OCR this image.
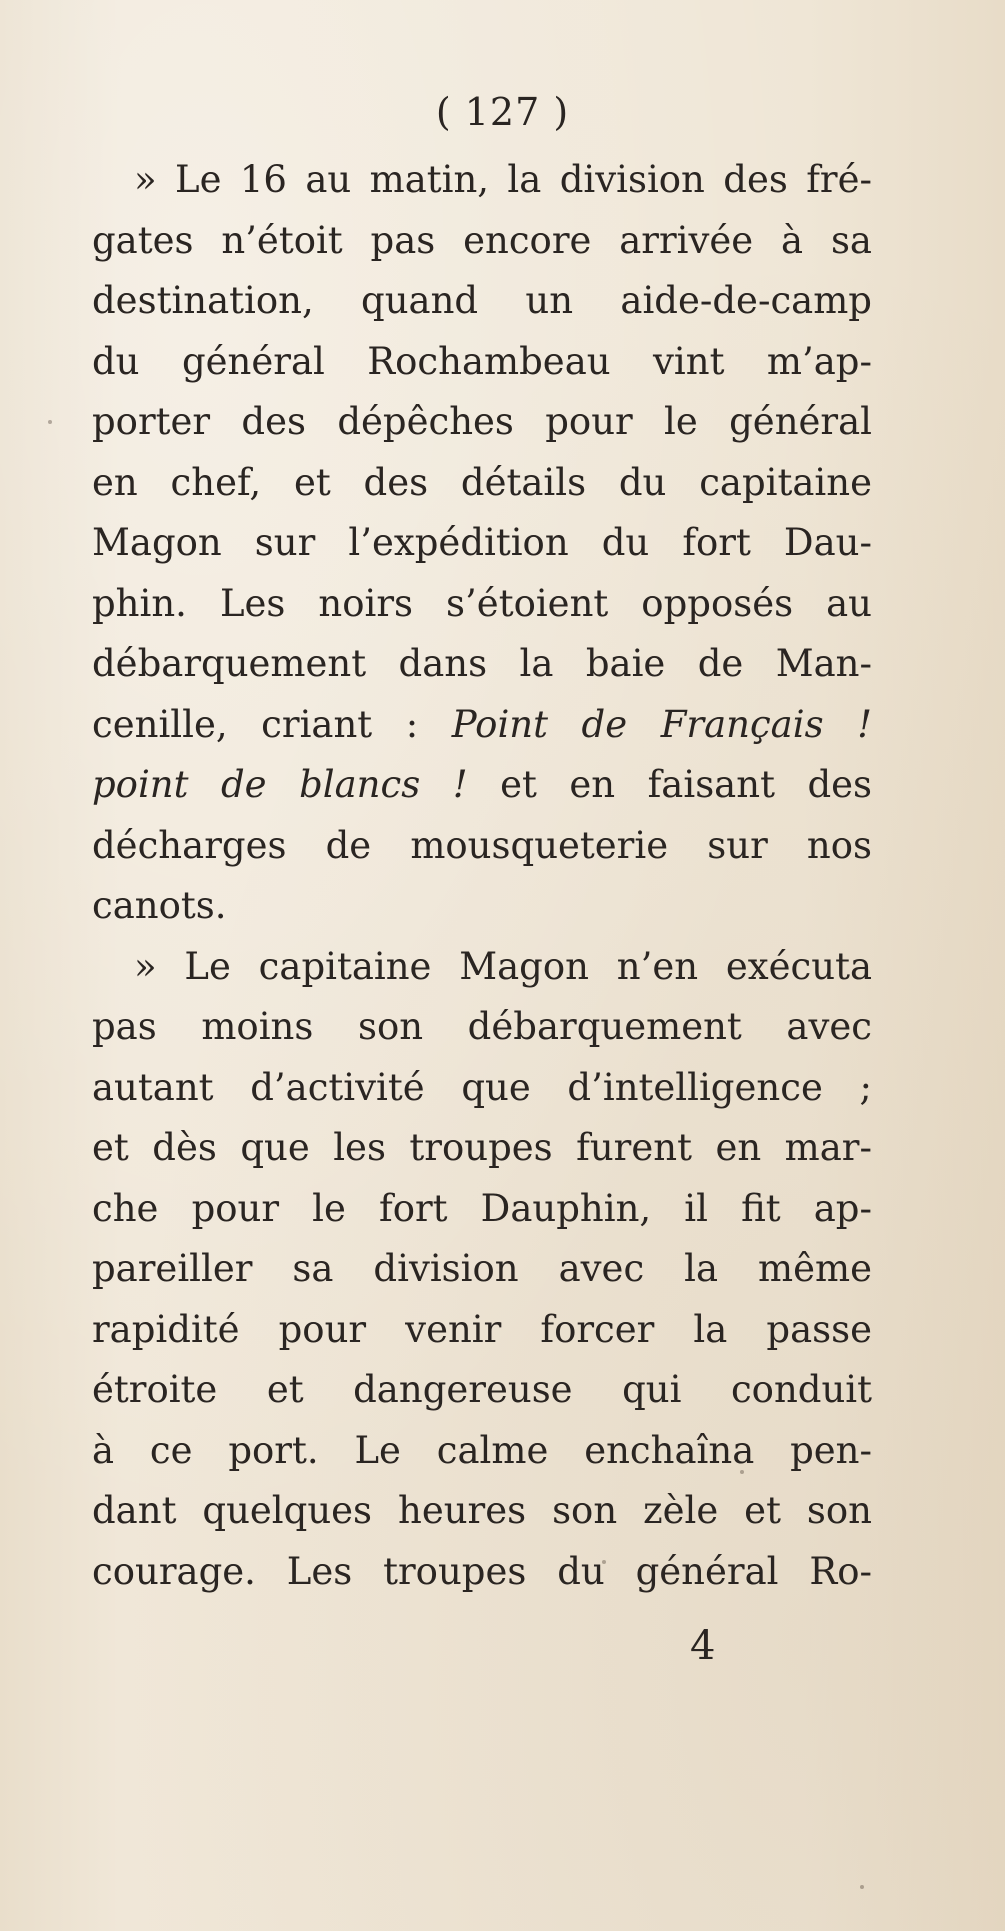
( 127 )
» Le 16 au matin, la division des fré-
gates n’étoit pas encore arrivée à sa
destination, quand un aide-de-camp
du général Rochambeau vint m’ap-
porter des dépêches pour le général
en chef, et des détails du capitaine
Magon sur l’expédition du fort Dau-
phin. Les noirs s’étoient opposés au
débarquement dans la baie de Man-
cenille, criant : Point de Français !
point de blancs ! et en faisant des
décharges de mousqueterie sur nos
canots.
» Le capitaine Magon n’en exécuta
pas moins son débarquement avec
autant d’activité que d’intelligence ;
et dès que les troupes furent en mar-
che pour le fort Dauphin, il fit ap-
pareiller sa division avec la même
rapidité pour venir forcer la passe
étroite et dangereuse qui conduit
à ce port. Le calme enchaîna pen-
dant quelques heures son zèle et son
courage. Les troupes du général Ro-
4
